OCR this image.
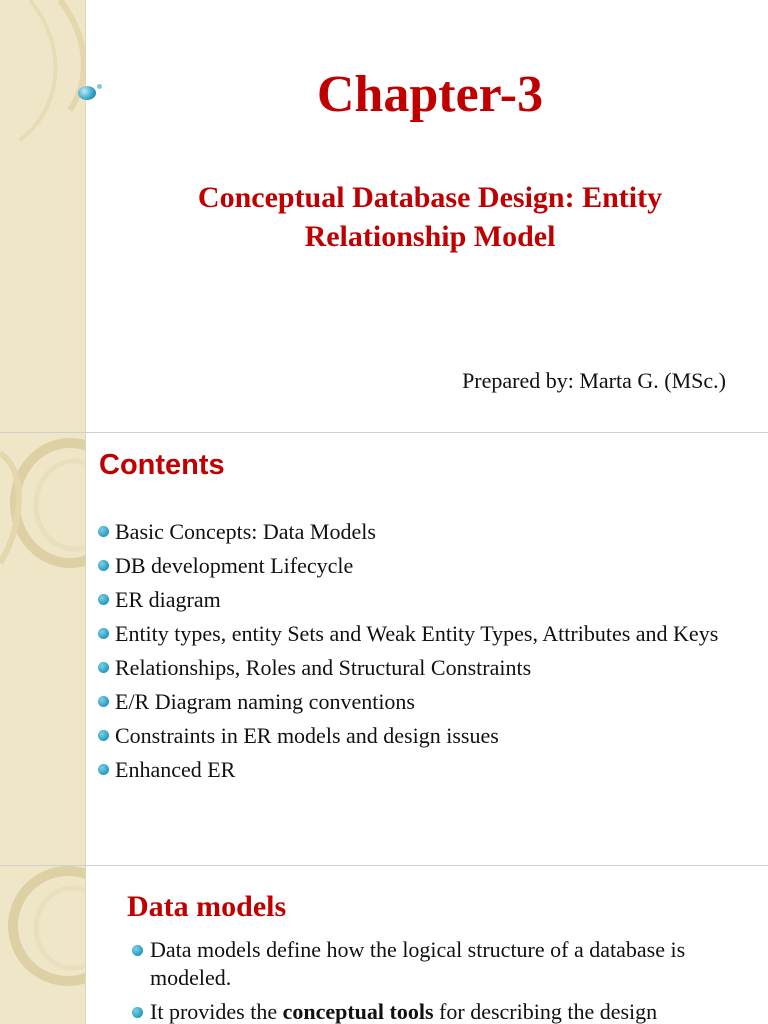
Chapter-3
Conceptual Database Design: Entity
Relationship Model
Prepared by: Marta G. (MSc.)
Contents
Basic Concepts: Data Models
DB development Lifecycle
ER diagram
Entity types, entity Sets and Weak Entity Types, Attributes and Keys
Relationships, Roles and Structural Constraints
E/R Diagram naming conventions
Constraints in ER models and design issues
Enhanced ER
Data models
Data models define how the logical structure of a database is modeled.
It provides the conceptual tools for describing the design
